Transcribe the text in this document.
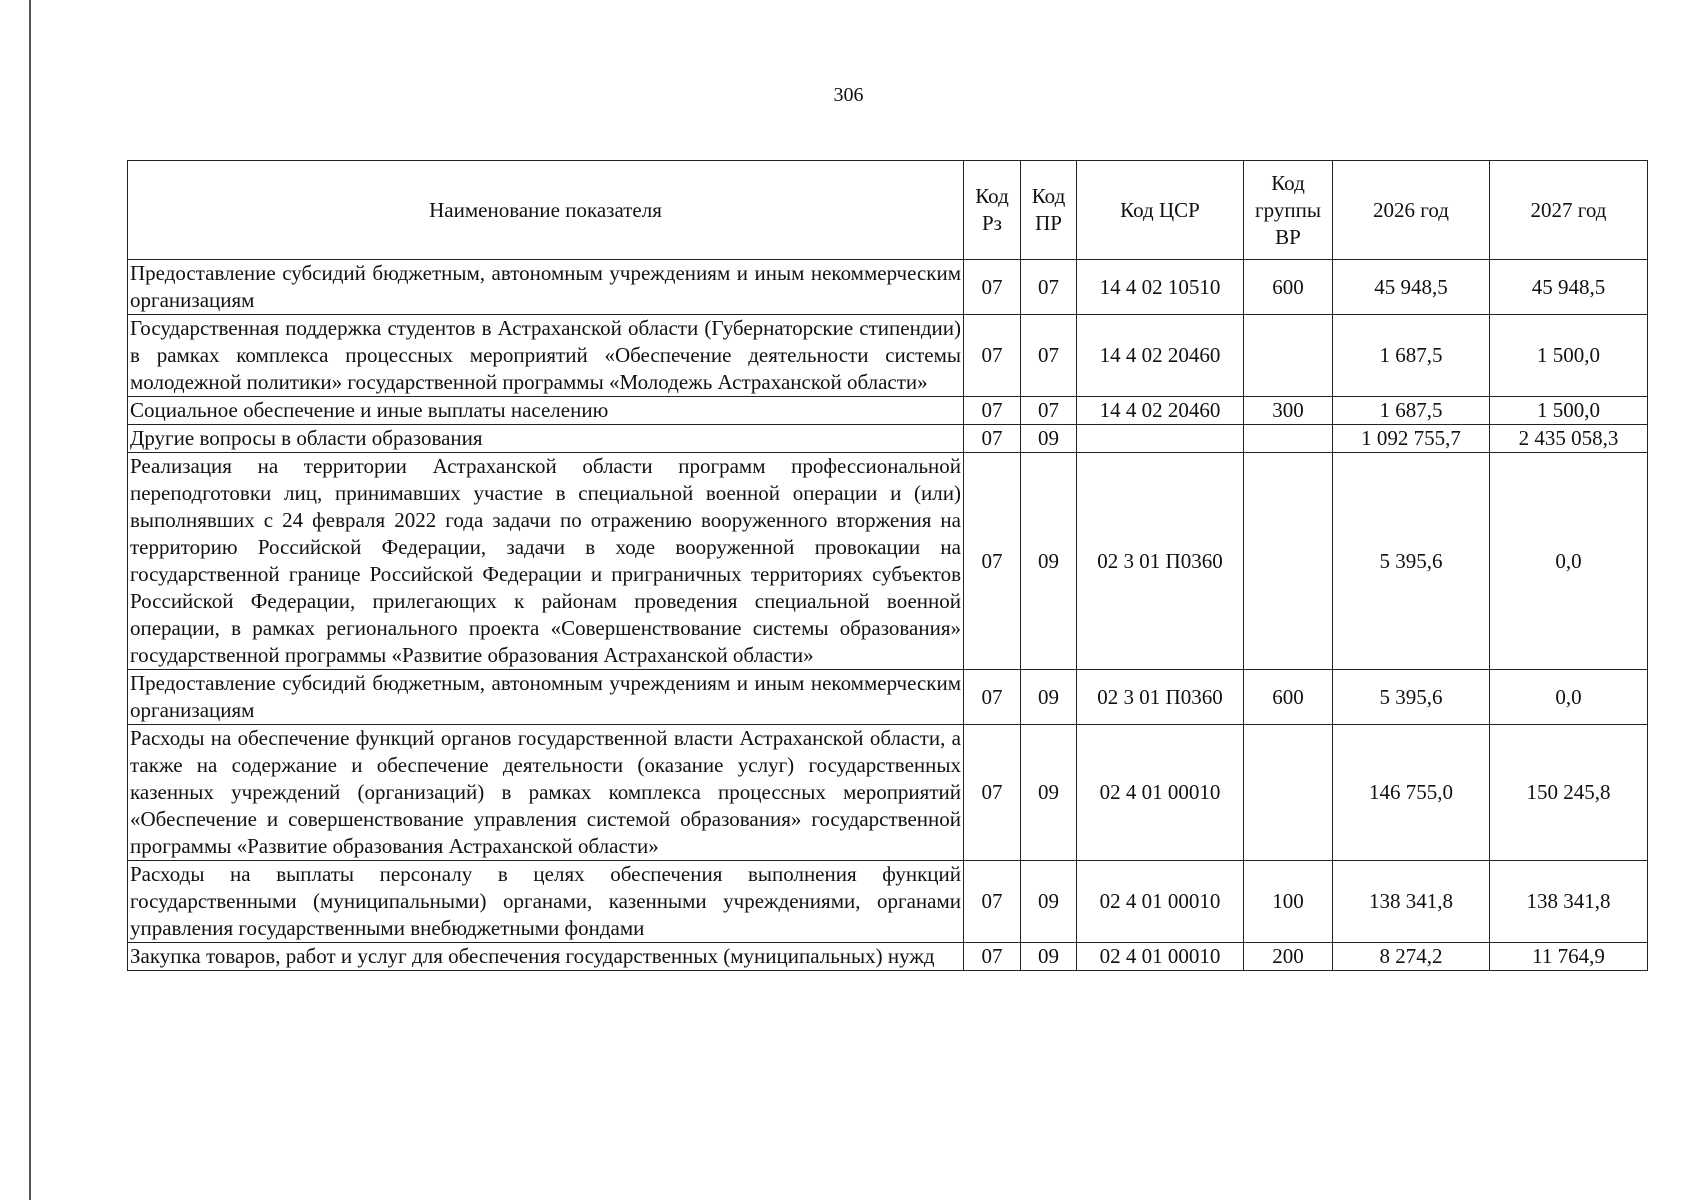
306
Наименование показателя	Код Рз	Код ПР	Код ЦСР	Код группы ВР	2026 год	2027 год
Предоставление субсидий бюджетным, автономным учреждениям и иным некоммерческим организациям	07	07	14 4 02 10510	600	45 948,5	45 948,5
Государственная поддержка студентов в Астраханской области (Губернаторские стипендии) в рамках комплекса процессных мероприятий «Обеспечение деятельности системы молодежной политики» государственной программы «Молодежь Астраханской области»	07	07	14 4 02 20460		1 687,5	1 500,0
Социальное обеспечение и иные выплаты населению	07	07	14 4 02 20460	300	1 687,5	1 500,0
Другие вопросы в области образования	07	09			1 092 755,7	2 435 058,3
Реализация на территории Астраханской области программ профессиональной переподготовки лиц, принимавших участие в специальной военной операции и (или) выполнявших с 24 февраля 2022 года задачи по отражению вооруженного вторжения на территорию Российской Федерации, задачи в ходе вооруженной провокации на государственной границе Российской Федерации и приграничных территориях субъектов Российской Федерации, прилегающих к районам проведения специальной военной операции, в рамках регионального проекта «Совершенствование системы образования» государственной программы «Развитие образования Астраханской области»	07	09	02 3 01 П0360		5 395,6	0,0
Предоставление субсидий бюджетным, автономным учреждениям и иным некоммерческим организациям	07	09	02 3 01 П0360	600	5 395,6	0,0
Расходы на обеспечение функций органов государственной власти Астраханской области, а также на содержание и обеспечение деятельности (оказание услуг) государственных казенных учреждений (организаций) в рамках комплекса процессных мероприятий «Обеспечение и совершенствование управления системой образования» государственной программы «Развитие образования Астраханской области»	07	09	02 4 01 00010		146 755,0	150 245,8
Расходы на выплаты персоналу в целях обеспечения выполнения функций государственными (муниципальными) органами, казенными учреждениями, органами управления государственными внебюджетными фондами	07	09	02 4 01 00010	100	138 341,8	138 341,8
Закупка товаров, работ и услуг для обеспечения государственных (муниципальных) нужд	07	09	02 4 01 00010	200	8 274,2	11 764,9
